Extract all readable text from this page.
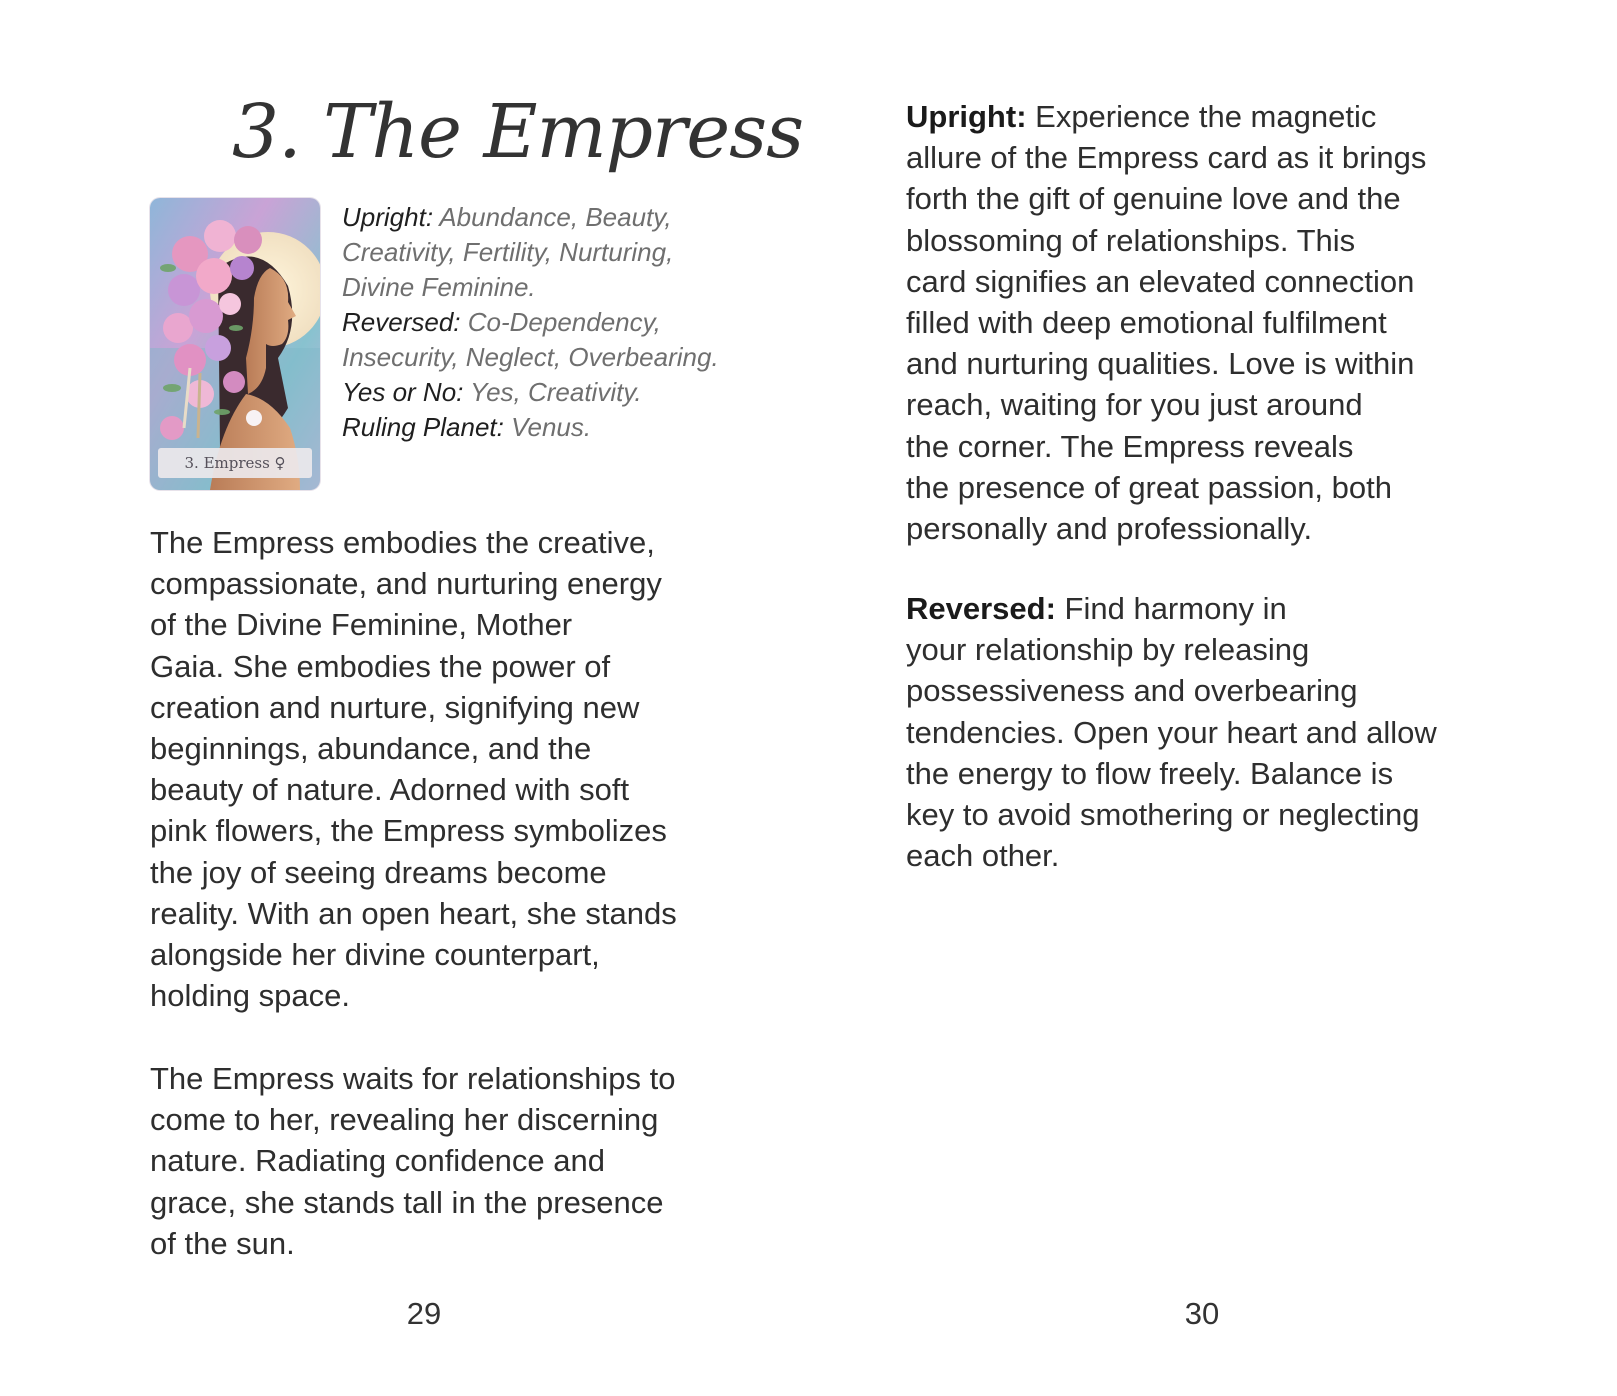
3. The Empress
3. Empress ♀

Upright: Abundance, Beauty, Creativity, Fertility, Nurturing, Divine Feminine.

Reversed: Co-Dependency, Insecurity, Neglect, Overbearing.

Yes or No: Yes, Creativity.

Ruling Planet: Venus.

The Empress embodies the creative,
compassionate, and nurturing energy
of the Divine Feminine, Mother
Gaia. She embodies the power of
creation and nurture, signifying new
beginnings, abundance, and the
beauty of nature. Adorned with soft
pink flowers, the Empress symbolizes
the joy of seeing dreams become
reality. With an open heart, she stands
alongside her divine counterpart,
holding space.

The Empress waits for relationships to
come to her, revealing her discerning
nature. Radiating confidence and
grace, she stands tall in the presence
of the sun.

29

Upright: Experience the magnetic
allure of the Empress card as it brings
forth the gift of genuine love and the
blossoming of relationships. This
card signifies an elevated connection
filled with deep emotional fulfilment
and nurturing qualities. Love is within
reach, waiting for you just around
the corner. The Empress reveals
the presence of great passion, both
personally and professionally.

Reversed: Find harmony in
your relationship by releasing
possessiveness and overbearing
tendencies. Open your heart and allow
the energy to flow freely. Balance is
key to avoid smothering or neglecting
each other.

30
